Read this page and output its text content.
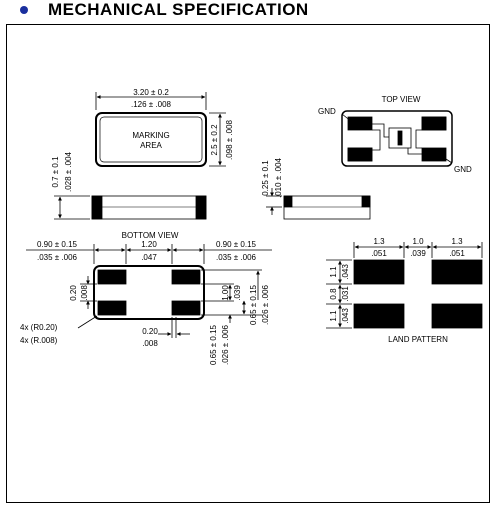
MECHANICAL SPECIFICATION
3.20 ± 0.2
.126 ± .008
MARKING
AREA	2.5 ± 0.2 .098 ± .008
0.7 ± 0.1 .028 ± .004	0.25 ± 0.1 .010 ± .004
TOP VIEW
GND
GND
BOTTOM VIEW
0.90 ± 0.15
.035 ± .006
1.20
.047
0.90 ± 0.15
.035 ± .006
0.20 .008	1.00 .039 0.65 ± 0.15 .026 ± .006
0.65 ± 0.15 .026 ± .006
4x (R0.20)
4x (R.008)
0.20
.008
1.3
.051
1.0
.039
1.3
.051
1.1 .043
0.8 .031
1.1 .043
LAND PATTERN
